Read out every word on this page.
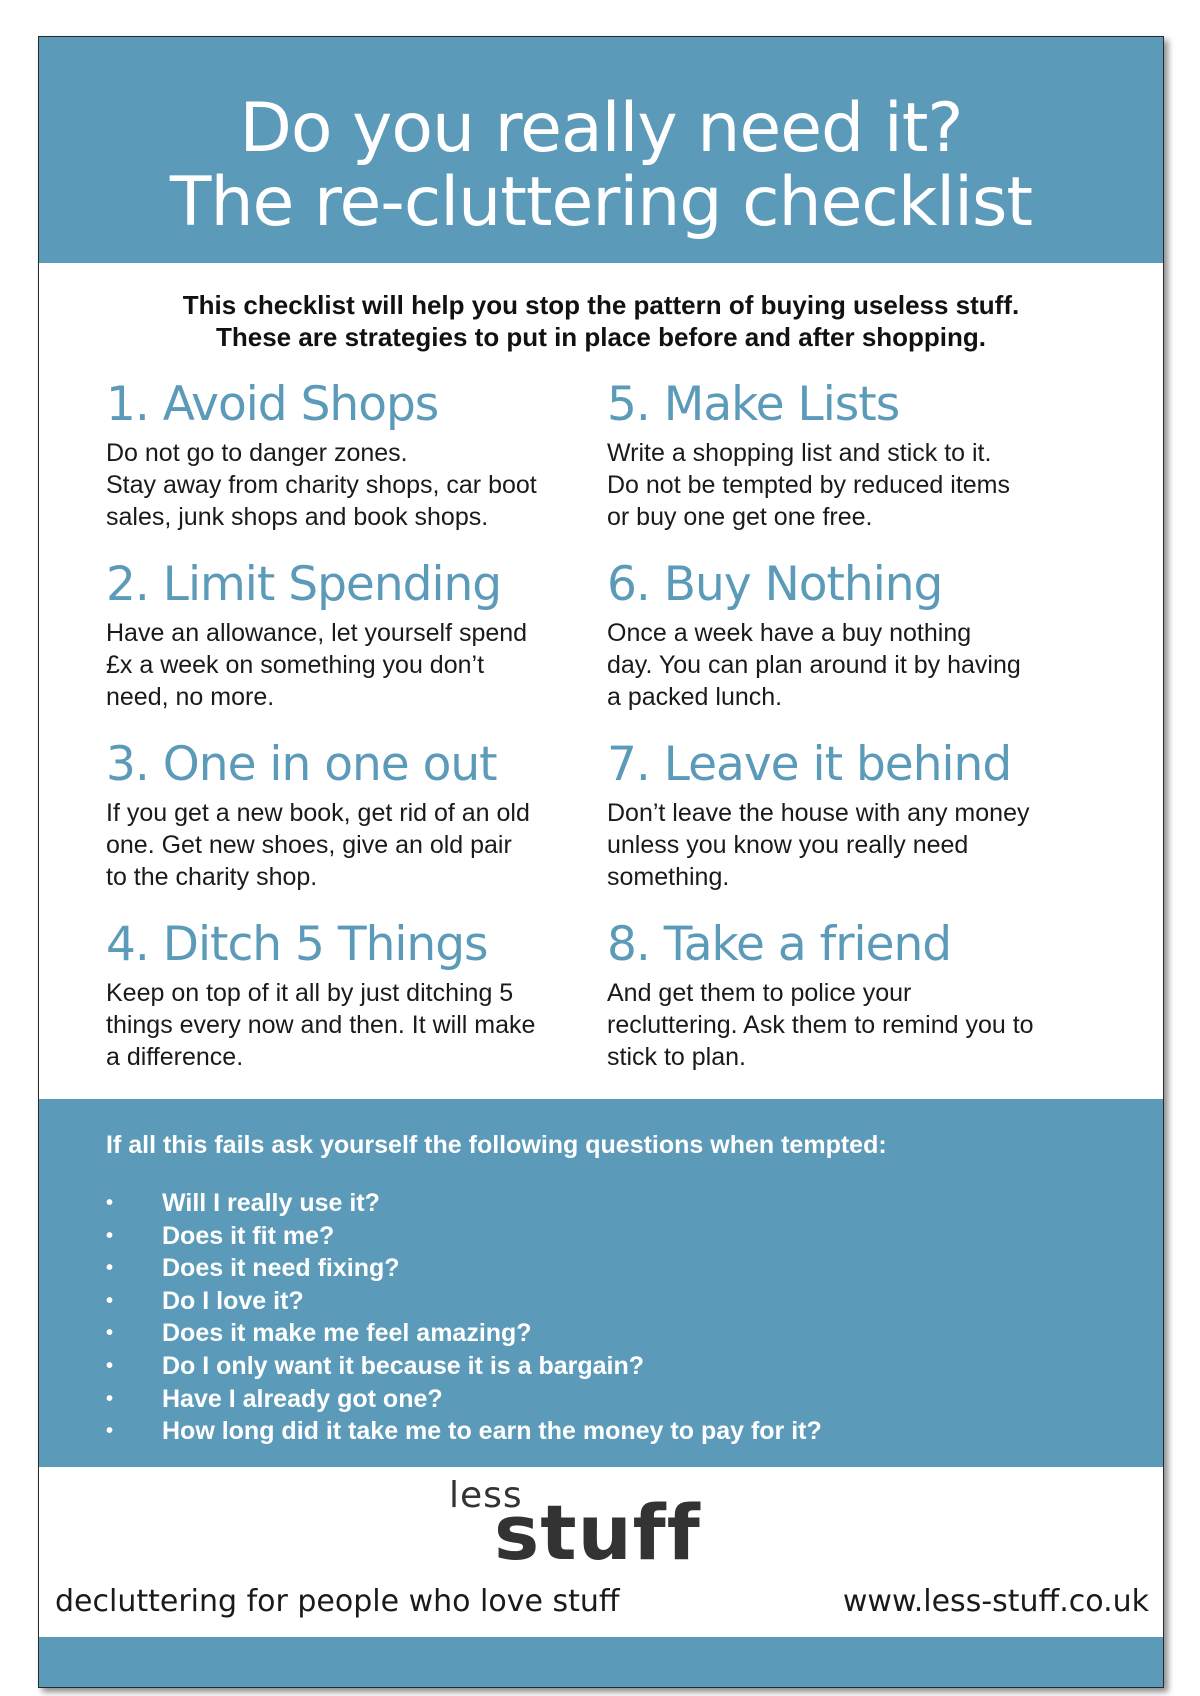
Do you really need it?
The re-cluttering checklist
This checklist will help you stop the pattern of buying useless stuff.
These are strategies to put in place before and after shopping.
1. Avoid Shops
Do not go to danger zones.
Stay away from charity shops, car boot
sales, junk shops and book shops.
2. Limit Spending
Have an allowance, let yourself spend
£x a week on something you don’t
need, no more.
3. One in one out
If you get a new book, get rid of an old
one. Get new shoes, give an old pair
to the charity shop.
4. Ditch 5 Things
Keep on top of it all by just ditching 5
things every now and then. It will make
a difference.
5. Make Lists
Write a shopping list and stick to it.
Do not be tempted by reduced items
or buy one get one free.
6. Buy Nothing
Once a week have a buy nothing
day. You can plan around it by having
a packed lunch.
7. Leave it behind
Don’t leave the house with any money
unless you know you really need
something.
8. Take a friend
And get them to police your
recluttering. Ask them to remind you to
stick to plan.
If all this fails ask yourself the following questions when tempted:
• Will I really use it?
• Does it fit me?
• Does it need fixing?
• Do I love it?
• Does it make me feel amazing?
• Do I only want it because it is a bargain?
• Have I already got one?
• How long did it take me to earn the money to pay for it?
less
stuff
decluttering for people who love stuff	www.less-stuff.co.uk
